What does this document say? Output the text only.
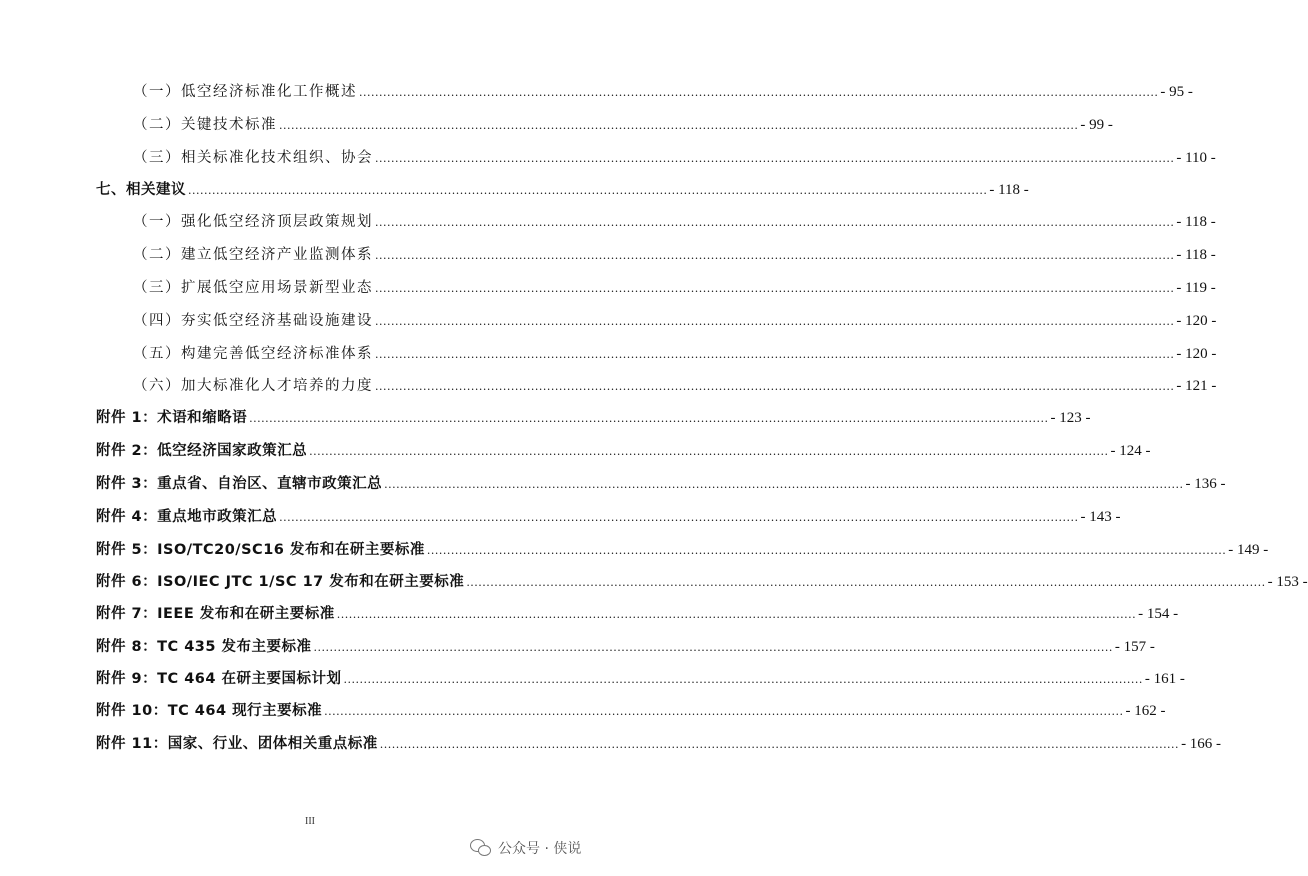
（一）低空经济标准化工作概述 ........................................................................................................................................................................................................ - 95 -
（二）关键技术标准 ........................................................................................................................................................................................................ - 99 -
（三）相关标准化技术组织、协会 ........................................................................................................................................................................................................ - 110 -
七、相关建议 ........................................................................................................................................................................................................ - 118 -
（一）强化低空经济顶层政策规划 ........................................................................................................................................................................................................ - 118 -
（二）建立低空经济产业监测体系 ........................................................................................................................................................................................................ - 118 -
（三）扩展低空应用场景新型业态 ........................................................................................................................................................................................................ - 119 -
（四）夯实低空经济基础设施建设 ........................................................................................................................................................................................................ - 120 -
（五）构建完善低空经济标准体系 ........................................................................................................................................................................................................ - 120 -
（六）加大标准化人才培养的力度 ........................................................................................................................................................................................................ - 121 -
附件 1：术语和缩略语 ........................................................................................................................................................................................................ - 123 -
附件 2：低空经济国家政策汇总 ........................................................................................................................................................................................................ - 124 -
附件 3：重点省、自治区、直辖市政策汇总 ........................................................................................................................................................................................................ - 136 -
附件 4：重点地市政策汇总 ........................................................................................................................................................................................................ - 143 -
附件 5：ISO/TC20/SC16 发布和在研主要标准 ........................................................................................................................................................................................................ - 149 -
附件 6：ISO/IEC JTC 1/SC 17 发布和在研主要标准 ........................................................................................................................................................................................................ - 153 -
附件 7：IEEE 发布和在研主要标准 ........................................................................................................................................................................................................ - 154 -
附件 8：TC 435 发布主要标准 ........................................................................................................................................................................................................ - 157 -
附件 9：TC 464 在研主要国标计划 ........................................................................................................................................................................................................ - 161 -
附件 10：TC 464 现行主要标准 ........................................................................................................................................................................................................ - 162 -
附件 11：国家、行业、团体相关重点标准 ........................................................................................................................................................................................................ - 166 -
III
公众号 · 侠说
